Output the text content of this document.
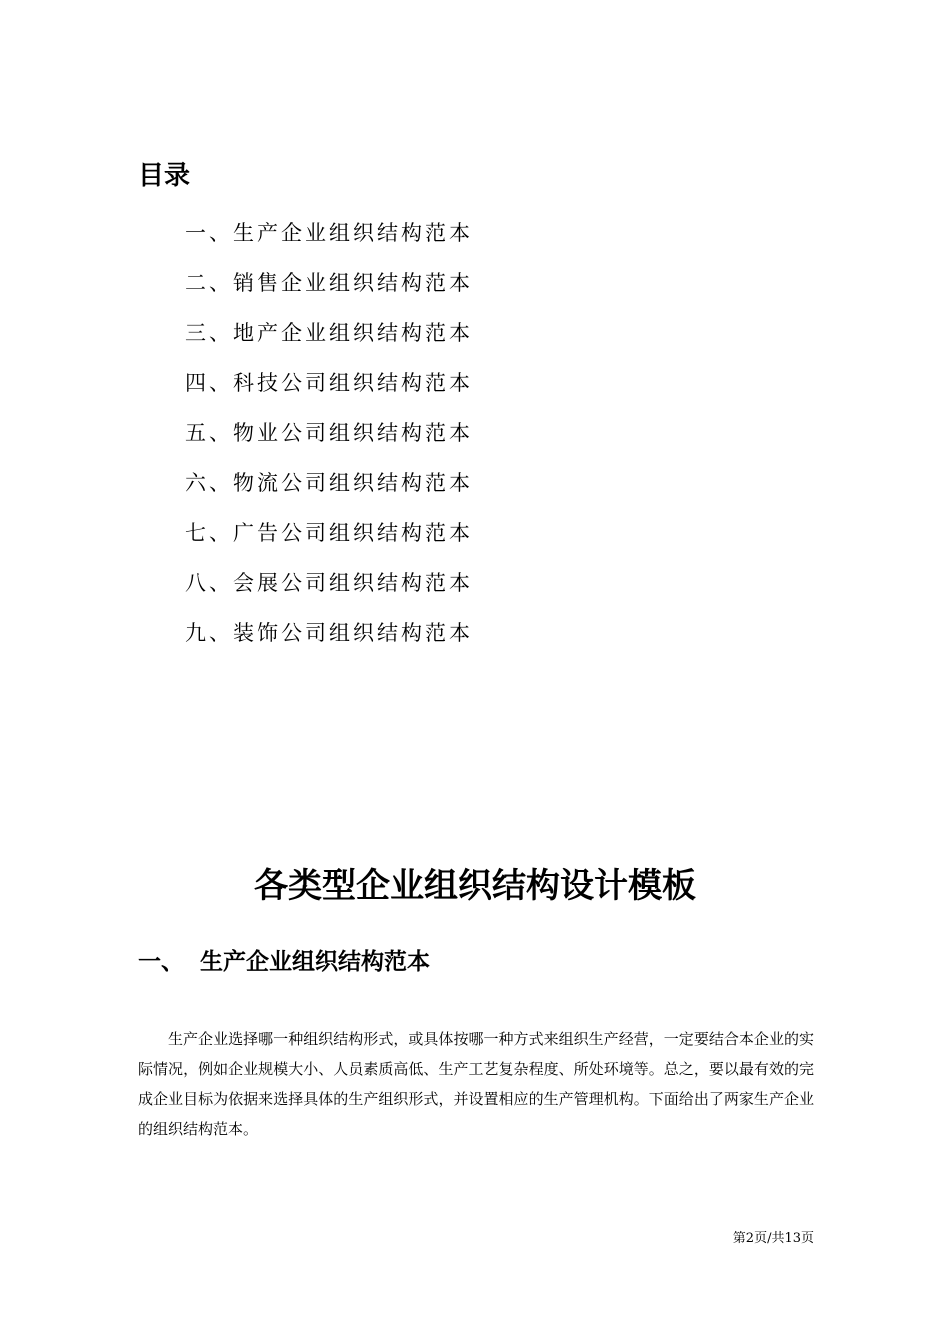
目录
一、生产企业组织结构范本
二、销售企业组织结构范本
三、地产企业组织结构范本
四、科技公司组织结构范本
五、物业公司组织结构范本
六、物流公司组织结构范本
七、广告公司组织结构范本
八、会展公司组织结构范本
九、装饰公司组织结构范本
各类型企业组织结构设计模板
一、 生产企业组织结构范本

生产企业选择哪一种组织结构形式，或具体按哪一种方式来组织生产经营，一定要结合本企业的实际情况，例如企业规模大小、人员素质高低、生产工艺复杂程度、所处环境等。总之，要以最有效的完成企业目标为依据来选择具体的生产组织形式，并设置相应的生产管理机构。下面给出了两家生产企业的组织结构范本。

第2页/共13页
